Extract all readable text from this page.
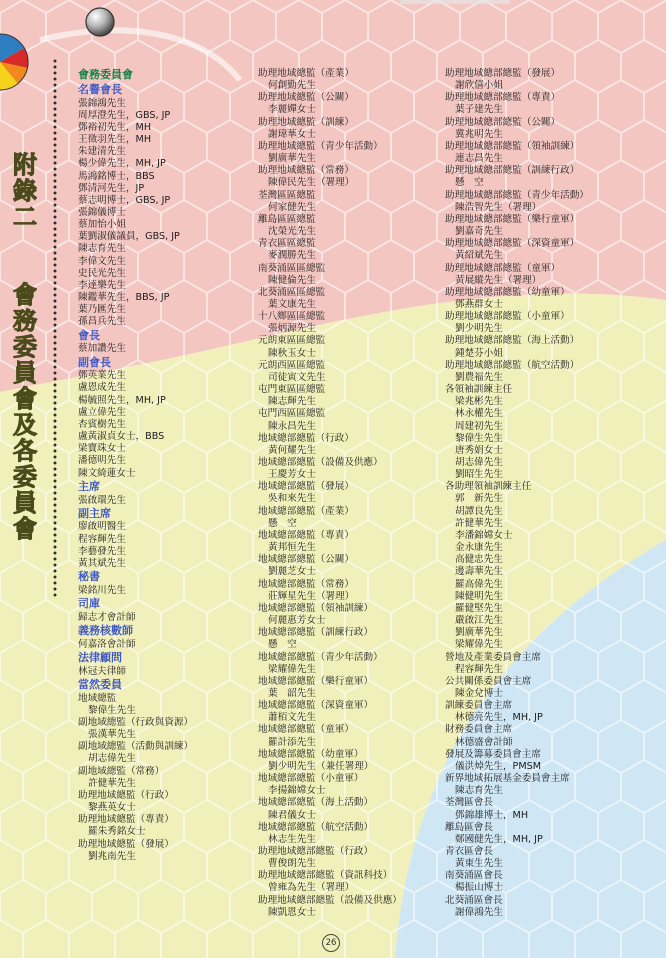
附
錄
二
會
務
委
員
會
及
各
委
員
會
會務委員會
名譽會長
張錦鴻先生
周厚澄先生，GBS, JP
鄧裕初先生，MH
王徵羽先生，MH
朱建清先生
楊少偉先生，MH, JP
馬鴻銘博士，BBS
鄧清河先生，JP
蔡志明博士，GBS, JP
張錦儀博士
蔡加怡小姐
葉劉淑儀議員，GBS, JP
陳志育先生
李偉文先生
史民光先生
李達樂先生
陳鑑華先生，BBS, JP
葉乃匯先生
孫昌兵先生
會長
蔡加讚先生
副會長
鄧英業先生
盧恩成先生
楊毓照先生，MH, JP
盧立偉先生
杏賓樹先生
盧黃淑貞女士，BBS
梁寶珠女士
潘德明先生
陳文綺蓮女士
主席
張啟環先生
副主席
廖啟明醫生
程容輝先生
李藝發先生
黃其斌先生
秘書
梁銘川先生
司庫
歸志才會計師
義務核數師
何嘉洛會計師
法律顧問
林冠夫律師
當然委員
地域總監
黎偉生先生
副地域總監（行政與資源）
張漢華先生
副地域總監（活動與訓練）
胡志偉先生
副地域總監（常務）
許健華先生
助理地域總監（行政）
黎燕英女士
助理地域總監（專責）
羅朱秀銘女士
助理地域總監（發展）
劉兆南先生
助理地域總監（產業）
何創勤先生
助理地域總監（公關）
李麗嬋女士
助理地域總監（訓練）
謝瑋華女士
助理地域總監（青少年活動）
劉廣華先生
助理地域總監（常務）
陳偉民先生（署理）
荃灣區區總監
何家健先生
離島區區總監
沈榮光先生
青衣區區總監
麥潤勝先生
南葵涌區區總監
陳健倫先生
北葵涌區區總監
葉文康先生
十八鄉區區總監
張炳源先生
元朗東區區總監
陳秋玉女士
元朗西區區總監
司徒寅文先生
屯門東區區總監
陳志輝先生
屯門西區區總監
陳永昌先生
地域總部總監（行政）
黃何耀先生
地域總部總監（設備及供應）
王慶芳女士
地域總部總監（發展）
吳和來先生
地域總部總監（產業）
懸　空
地域總部總監（專責）
黃邦恒先生
地域總部總監（公關）
劉麗芝女士
地域總部總監（常務）
莊輝星先生（署理）
地域總部總監（領袖訓練）
何麗惠芳女士
地域總部總監（訓練行政）
懸　空
地域總部總監（青少年活動）
梁耀偉先生
地域總部總監（樂行童軍）
葉　韶先生
地域總部總監（深資童軍）
蕭栢文先生
地域總部總監（童軍）
羅計添先生
地域總部總監（幼童軍）
劉少明先生（兼任署理）
地域總部總監（小童軍）
李揚錦嫦女士
地域總部總監（海上活動）
陳君儀女士
地域總部總監（航空活動）
林志生先生
助理地域總部總監（行政）
曹俊朗先生
助理地域總部總監（資訊科技）
曾雍為先生（署理）
助理地域總部總監（設備及供應）
陳凱恩女士
助理地域總部總監（發展）
謝欣僖小姐
助理地域總部總監（專責）
葉子建先生
助理地域總部總監（公關）
冀兆明先生
助理地域總部總監（領袖訓練）
連志昌先生
助理地域總部總監（訓練行政）
懸　空
助理地域總部總監（青少年活動）
陳浩智先生（署理）
助理地域總部總監（樂行童軍）
劉嘉奇先生
助理地域總部總監（深資童軍）
黃紹斌先生
助理地域總部總監（童軍）
黃展縱先生（署理）
助理地域總部總監（幼童軍）
鄧燕群女士
助理地域總部總監（小童軍）
劉少明先生
助理地域總部總監（海上活動）
鍾楚芬小姐
助理地域總部總監（航空活動）
劉農福先生
各領袖訓練主任
梁兆彬先生
林永權先生
周建初先生
黎偉生先生
唐秀娟女士
胡志偉先生
劉昭生先生
各助理領袖訓練主任
郭　新先生
胡譚良先生
許健華先生
李潘錦嫦女士
金永康先生
高健忠先生
邊壽華先生
羅高偉先生
陳健明先生
羅健堅先生
嚴啟江先生
劉廣華先生
梁耀偉先生
營地及產業委員會主席
程容輝先生
公共關係委員會主席
陳金兌博士
訓練委員會主席
林德亮先生，MH, JP
財務委員會主席
林德盛會計師
發展及籌募委員會主席
儀洪焯先生，PMSM
新界地域拓展基金委員會主席
陳志育先生
荃灣區會長
鄧錦雄博士，MH
離島區會長
鄭國健先生，MH, JP
青衣區會長
黃東生先生
南葵涌區會長
楊振山博士
北葵涌區會長
謝偉鴻先生
26
